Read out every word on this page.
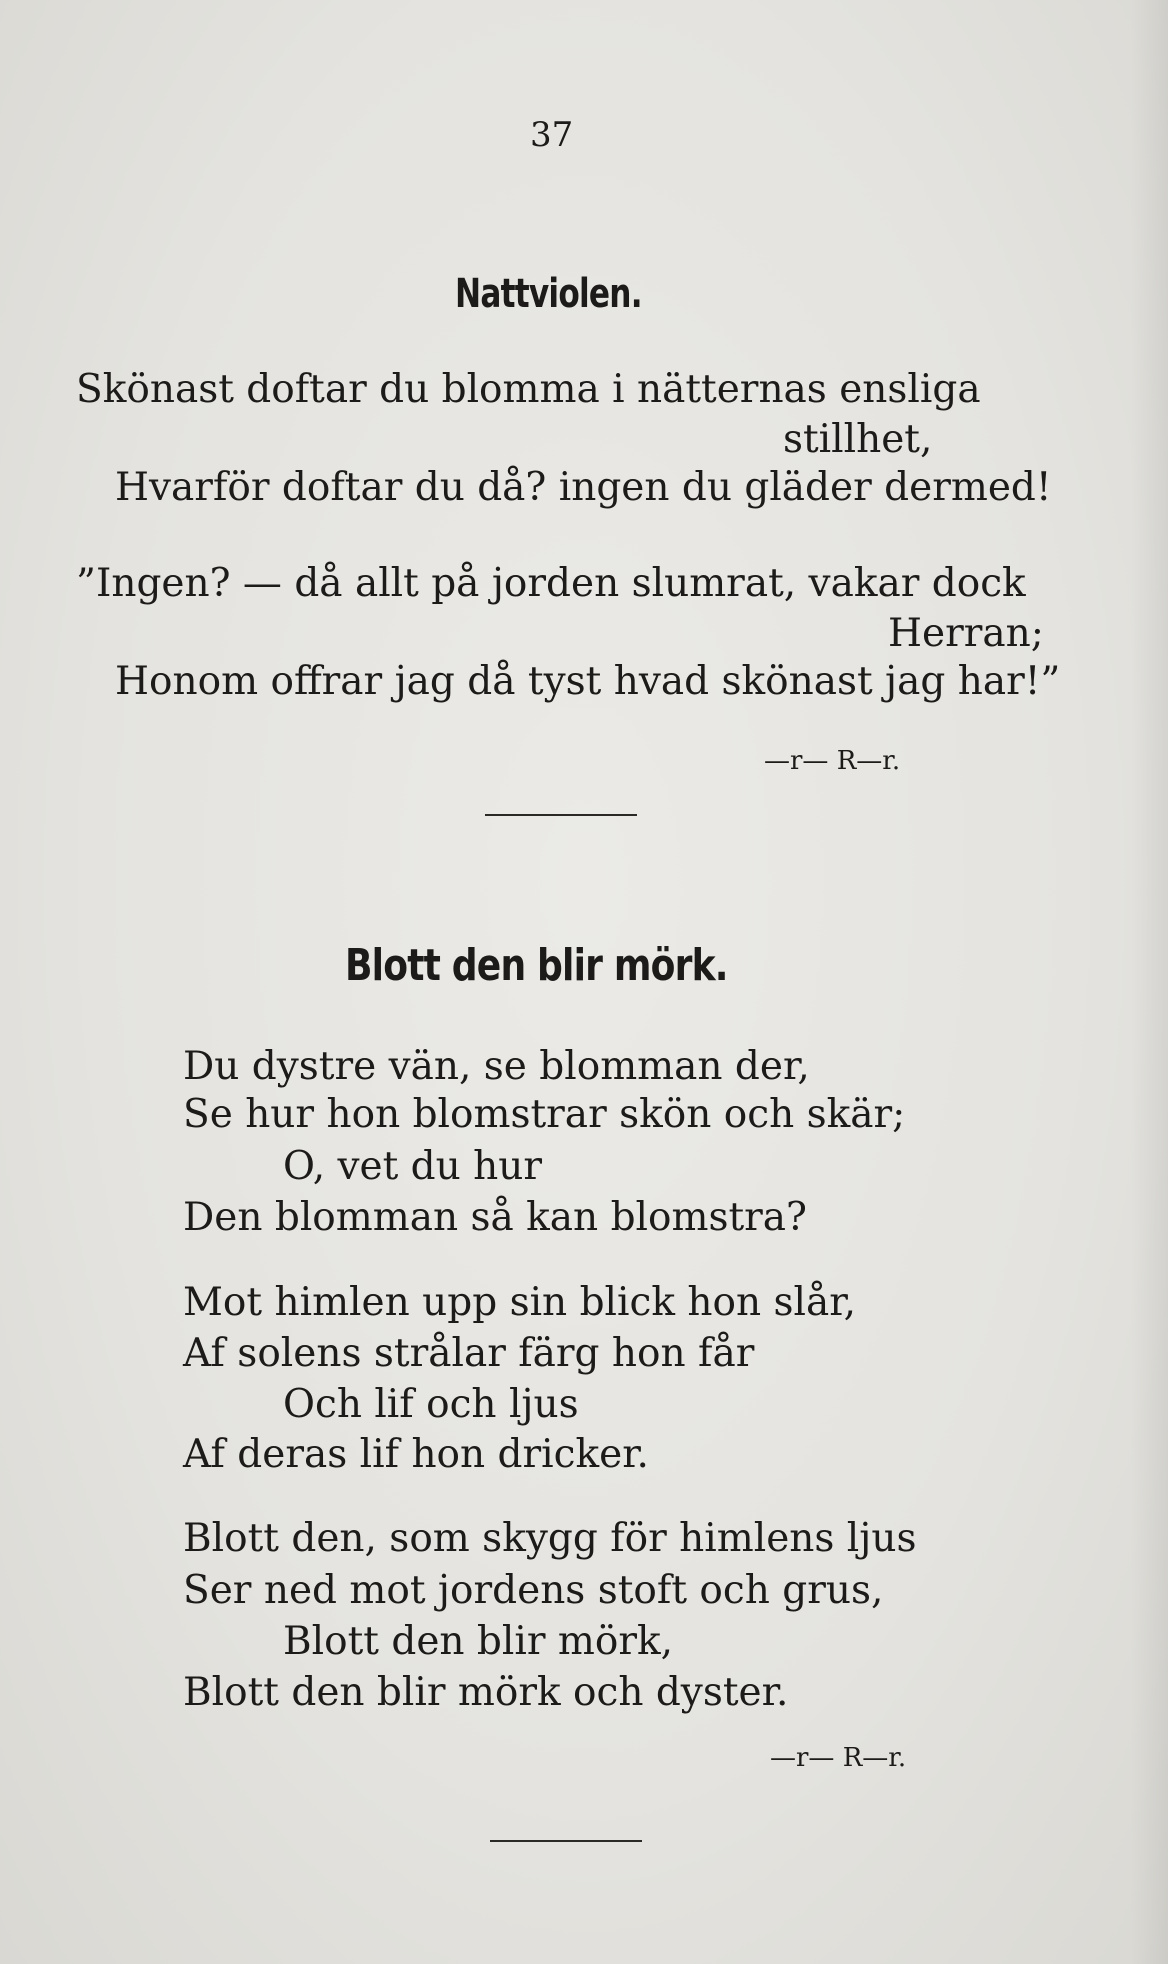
37
Nattviolen.
Skönast doftar du blomma i nätternas ensliga
stillhet,
Hvarför doftar du då? ingen du gläder dermed!
”Ingen? — då allt på jorden slumrat, vakar dock
Herran;
Honom offrar jag då tyst hvad skönast jag har!”
—r— R—r.
Blott den blir mörk.
Du dystre vän, se blomman der,
Se hur hon blomstrar skön och skär;
O, vet du hur
Den blomman så kan blomstra?
Mot himlen upp sin blick hon slår,
Af solens strålar färg hon får
Och lif och ljus
Af deras lif hon dricker.
Blott den, som skygg för himlens ljus
Ser ned mot jordens stoft och grus,
Blott den blir mörk,
Blott den blir mörk och dyster.
—r— R—r.
